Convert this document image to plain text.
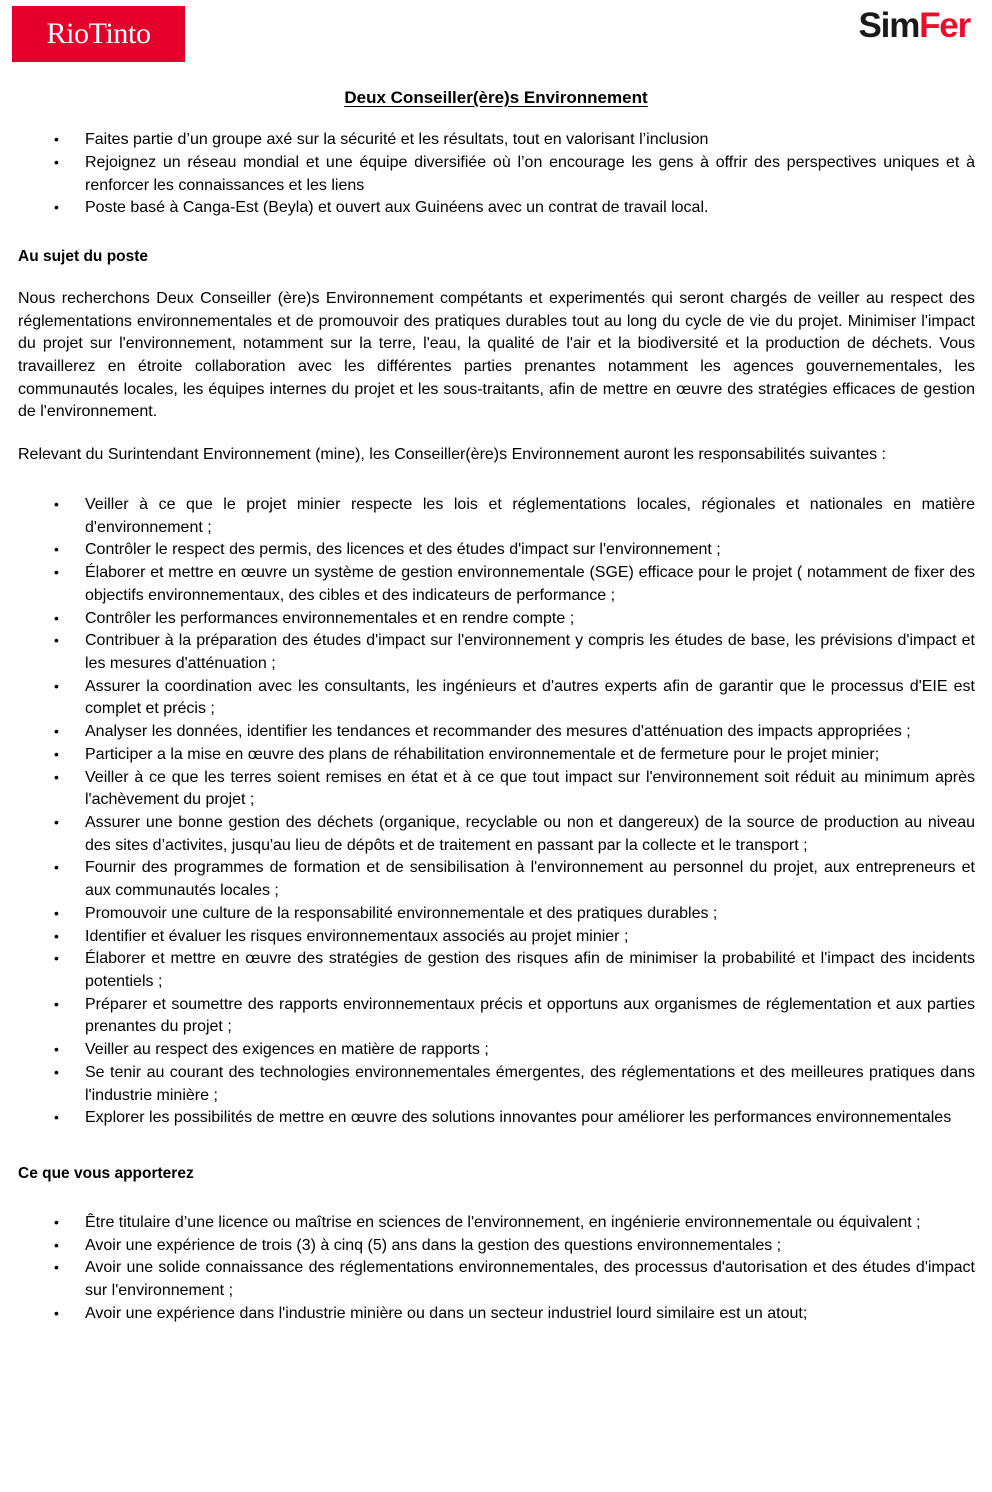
RioTinto	SimFer
Deux Conseiller(ère)s Environnement
• Faites partie d’un groupe axé sur la sécurité et les résultats, tout en valorisant l’inclusion
• Rejoignez un réseau mondial et une équipe diversifiée où l’on encourage les gens à offrir des perspectives uniques et à renforcer les connaissances et les liens
• Poste basé à Canga-Est (Beyla) et ouvert aux Guinéens avec un contrat de travail local.
Au sujet du poste

Nous recherchons Deux Conseiller (ère)s Environnement compétants et experimentés qui seront chargés de veiller au respect des réglementations environnementales et de promouvoir des pratiques durables tout au long du cycle de vie du projet. Minimiser l'impact du projet sur l'environnement, notamment sur la terre, l'eau, la qualité de l'air et la biodiversité et la production de déchets. Vous travaillerez en étroite collaboration avec les différentes parties prenantes notamment les agences gouvernementales, les communautés locales, les équipes internes du projet et les sous-traitants, afin de mettre en œuvre des stratégies efficaces de gestion de l'environnement.

Relevant du Surintendant Environnement (mine), les Conseiller(ère)s Environnement auront les responsabilités suivantes :

• Veiller à ce que le projet minier respecte les lois et réglementations locales, régionales et nationales en matière d'environnement ;
• Contrôler le respect des permis, des licences et des études d'impact sur l'environnement ;
• Élaborer et mettre en œuvre un système de gestion environnementale (SGE) efficace pour le projet ( notamment de fixer des objectifs environnementaux, des cibles et des indicateurs de performance ;
• Contrôler les performances environnementales et en rendre compte ;
• Contribuer à la préparation des études d'impact sur l'environnement y compris les études de base, les prévisions d'impact et les mesures d'atténuation ;
• Assurer la coordination avec les consultants, les ingénieurs et d'autres experts afin de garantir que le processus d'EIE est complet et précis ;
• Analyser les données, identifier les tendances et recommander des mesures d'atténuation des impacts appropriées ;
• Participer a la mise en œuvre des plans de réhabilitation environnementale et de fermeture pour le projet minier;
• Veiller à ce que les terres soient remises en état et à ce que tout impact sur l'environnement soit réduit au minimum après l'achèvement du projet ;
• Assurer une bonne gestion des déchets (organique, recyclable ou non et dangereux) de la source de production au niveau des sites d’activites, jusqu'au lieu de dépôts et de traitement en passant par la collecte et le transport ;
• Fournir des programmes de formation et de sensibilisation à l'environnement au personnel du projet, aux entrepreneurs et aux communautés locales ;
• Promouvoir une culture de la responsabilité environnementale et des pratiques durables ;
• Identifier et évaluer les risques environnementaux associés au projet minier ;
• Élaborer et mettre en œuvre des stratégies de gestion des risques afin de minimiser la probabilité et l'impact des incidents potentiels ;
• Préparer et soumettre des rapports environnementaux précis et opportuns aux organismes de réglementation et aux parties prenantes du projet ;
• Veiller au respect des exigences en matière de rapports ;
• Se tenir au courant des technologies environnementales émergentes, des réglementations et des meilleures pratiques dans l'industrie minière ;
• Explorer les possibilités de mettre en œuvre des solutions innovantes pour améliorer les performances environnementales
Ce que vous apporterez
• Être titulaire d’une licence ou maîtrise en sciences de l'environnement, en ingénierie environnementale ou équivalent ;
• Avoir une expérience de trois (3) à cinq (5) ans dans la gestion des questions environnementales ;
• Avoir une solide connaissance des réglementations environnementales, des processus d'autorisation et des études d'impact sur l'environnement ;
• Avoir une expérience dans l'industrie minière ou dans un secteur industriel lourd similaire est un atout;
